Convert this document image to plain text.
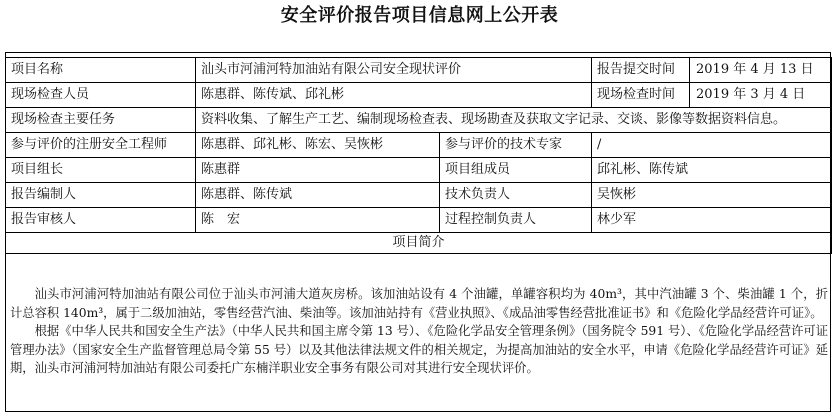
安全评价报告项目信息网上公开表
项目名称	汕头市河浦河特加油站有限公司安全现状评价		报告提交时间 2019 年 4 月 13 日

现场检查人员	陈惠群、陈传斌、邱礼彬		现场检查时间 2019 年 3 月 4 日

现场检查主要任务	资料收集、了解生产工艺、编制现场检查表、现场勘查及获取文字记录、交谈、影像等数据资料信息。		
参与评价的注册安全工程师	陈惠群、邱礼彬、陈宏、吴恢彬	参与评价的技术专家	/
项目组长	陈惠群	项目组成员	邱礼彬、陈传斌
报告编制人	陈惠群、陈传斌	技术负责人	吴恢彬
报告审核人	陈　宏	过程控制负责人	林少军
项目简介			

汕头市河浦河特加油站有限公司位于汕头市河浦大道灰房桥。该加油站设有 4 个油罐，单罐容积均为 40m³，其中汽油罐 3 个、柴油罐 1 个，折计总容积 140m³，属于二级加油站，零售经营汽油、柴油等。该加油站持有《营业执照》、《成品油零售经营批准证书》和《危险化学品经营许可证》。

根据《中华人民共和国安全生产法》（中华人民共和国主席令第 13 号）、《危险化学品安全管理条例》（国务院令 591 号）、《危险化学品经营许可证管理办法》（国家安全生产监督管理总局令第 55 号）以及其他法律法规文件的相关规定，为提高加油站的安全水平，申请《危险化学品经营许可证》延期，汕头市河浦河特加油站有限公司委托广东楠洋职业安全事务有限公司对其进行安全现状评价。
